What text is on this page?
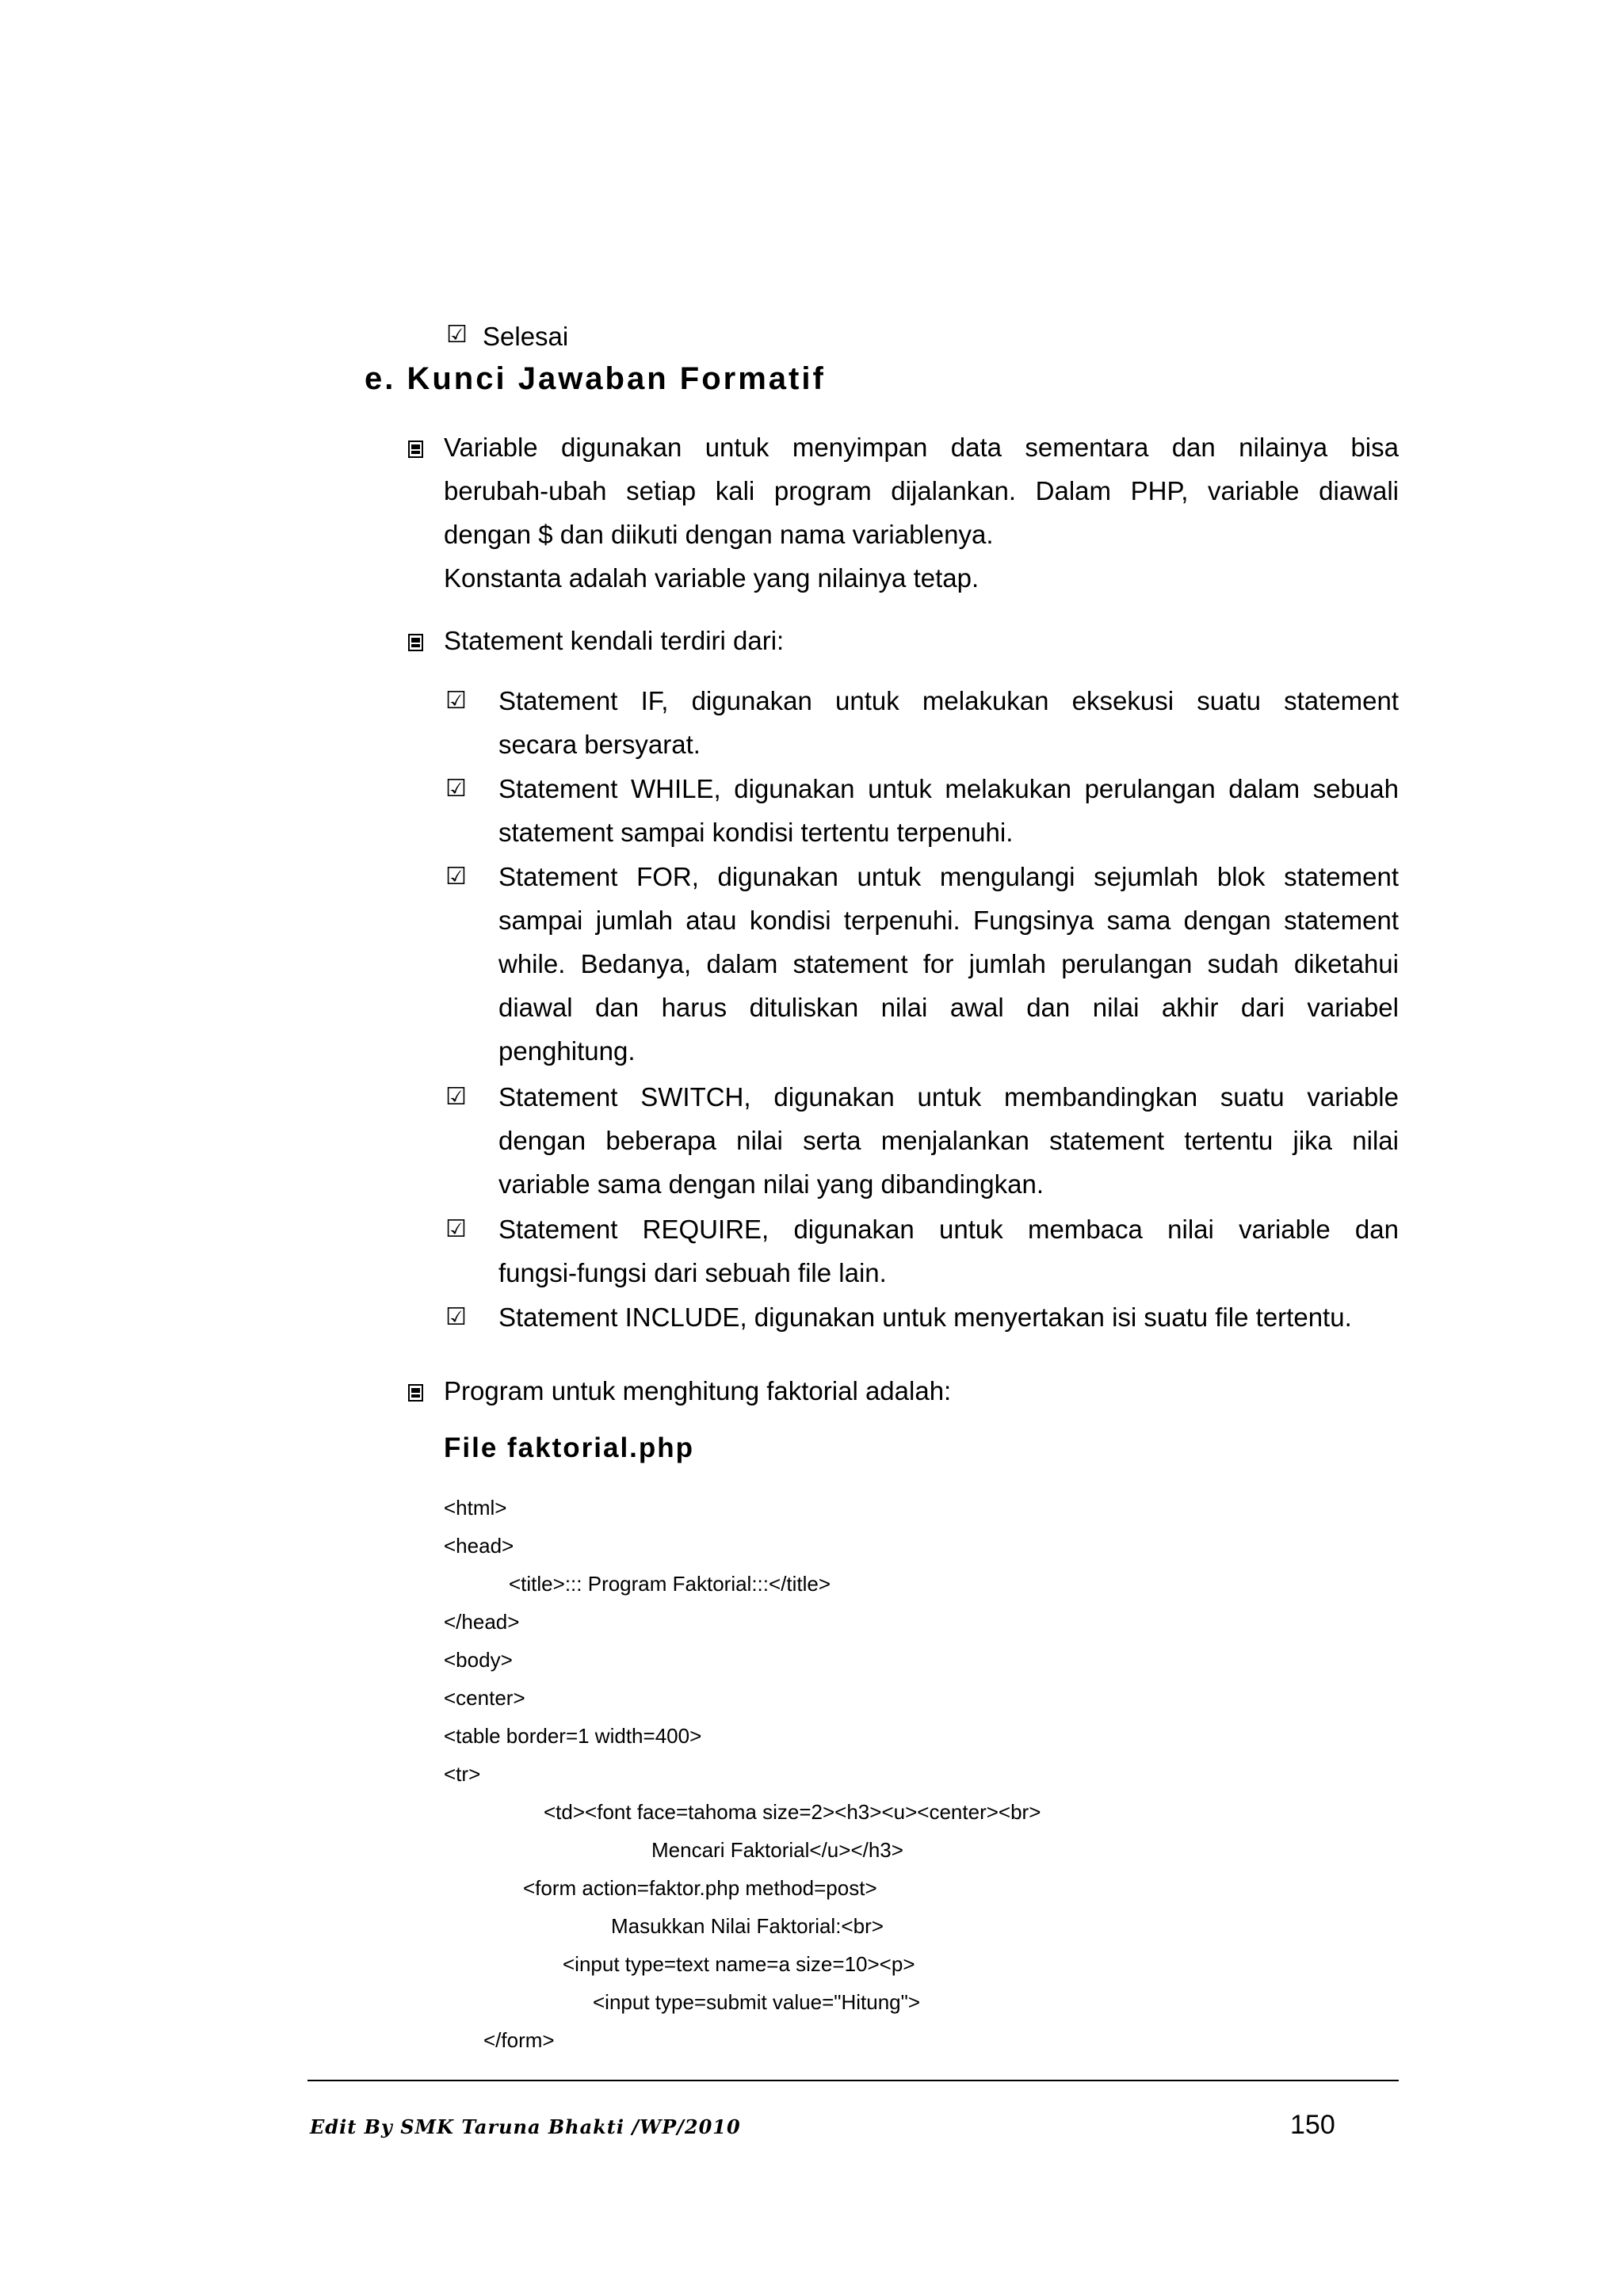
☑ Selesai
e. Kunci Jawaban Formatif
Variable digunakan untuk menyimpan data sementara dan nilainya bisa
berubah-ubah setiap kali program dijalankan. Dalam PHP, variable diawali
dengan $ dan diikuti dengan nama variablenya.
Konstanta adalah variable yang nilainya tetap.
Statement kendali terdiri dari:
☑ Statement IF, digunakan untuk melakukan eksekusi suatu statement
secara bersyarat.
☑ Statement WHILE, digunakan untuk melakukan perulangan dalam sebuah
statement sampai kondisi tertentu terpenuhi.
☑ Statement FOR, digunakan untuk mengulangi sejumlah blok statement
sampai jumlah atau kondisi terpenuhi. Fungsinya sama dengan statement
while. Bedanya, dalam statement for jumlah perulangan sudah diketahui
diawal dan harus dituliskan nilai awal dan nilai akhir dari variabel
penghitung.
☑ Statement SWITCH, digunakan untuk membandingkan suatu variable
dengan beberapa nilai serta menjalankan statement tertentu jika nilai
variable sama dengan nilai yang dibandingkan.
☑ Statement REQUIRE, digunakan untuk membaca nilai variable dan
fungsi-fungsi dari sebuah file lain.
☑ Statement INCLUDE, digunakan untuk menyertakan isi suatu file tertentu.
Program untuk menghitung faktorial adalah:
File faktorial.php
<html>
<head>
<title>::: Program Faktorial:::</title>
</head>
<body>
<center>
<table border=1 width=400>
<tr>
<td><font face=tahoma size=2><h3><u><center><br>
Mencari Faktorial</u></h3>
<form action=faktor.php method=post>
Masukkan Nilai Faktorial:<br>
<input type=text name=a size=10><p>
<input type=submit value="Hitung">
</form>
Edit By SMK Taruna Bhakti /WP/2010	150
